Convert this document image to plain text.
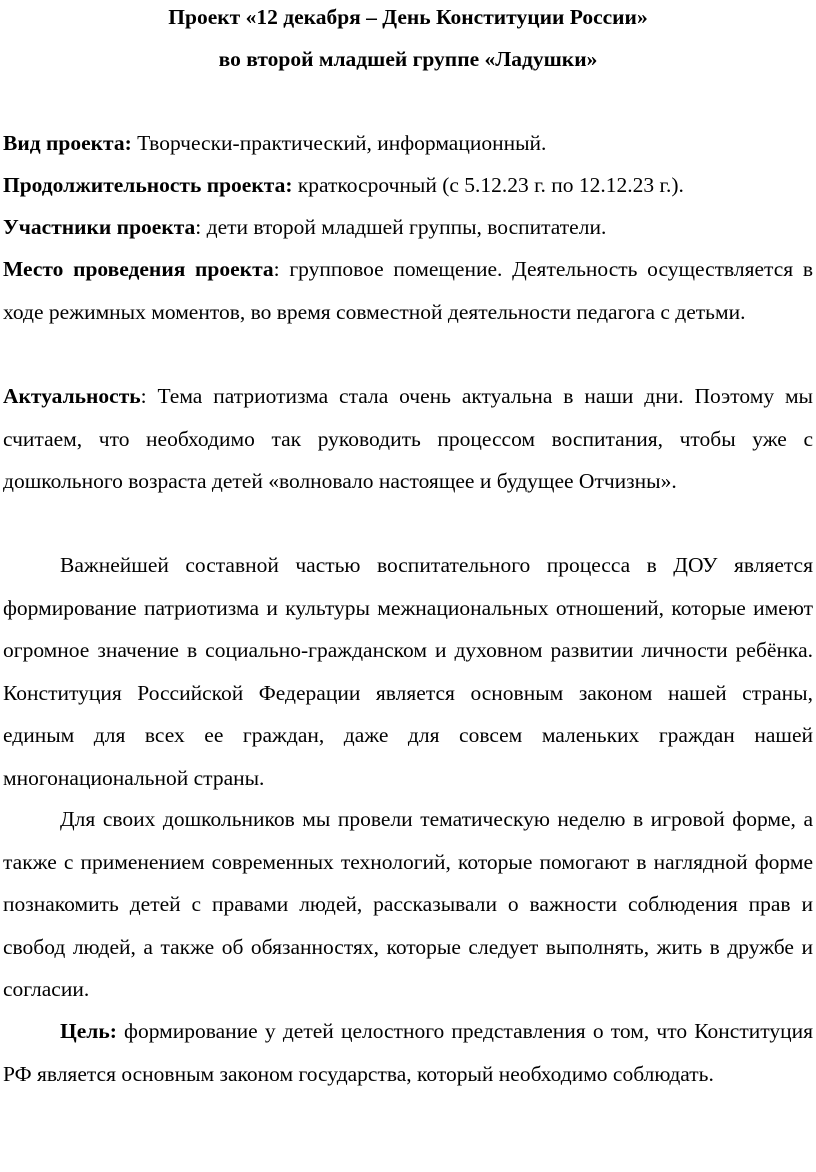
Проект «12 декабря – День Конституции России»
во второй младшей группе «Ладушки»

Вид проекта: Творчески-практический, информационный.

Продолжительность проекта: краткосрочный (с 5.12.23 г. по 12.12.23 г.).

Участники проекта: дети второй младшей группы, воспитатели.

Место проведения проекта: групповое помещение. Деятельность осуществляется в ходе режимных моментов, во время совместной деятельности педагога с детьми.

Актуальность: Тема патриотизма стала очень актуальна в наши дни. Поэтому мы считаем, что необходимо так руководить процессом воспитания, чтобы уже с дошкольного возраста детей «волновало настоящее и будущее Отчизны».

Важнейшей составной частью воспитательного процесса в ДОУ является формирование патриотизма и культуры межнациональных отношений, которые имеют огромное значение в социально-гражданском и духовном развитии личности ребёнка. Конституция Российской Федерации является основным законом нашей страны, единым для всех ее граждан, даже для совсем маленьких граждан нашей многонациональной страны.

Для своих дошкольников мы провели тематическую неделю в игровой форме, а также с применением современных технологий, которые помогают в наглядной форме познакомить детей с правами людей, рассказывали о важности соблюдения прав и свобод людей, а также об обязанностях, которые следует выполнять, жить в дружбе и согласии.

Цель: формирование у детей целостного представления о том, что Конституция РФ является основным законом государства, который необходимо соблюдать.
